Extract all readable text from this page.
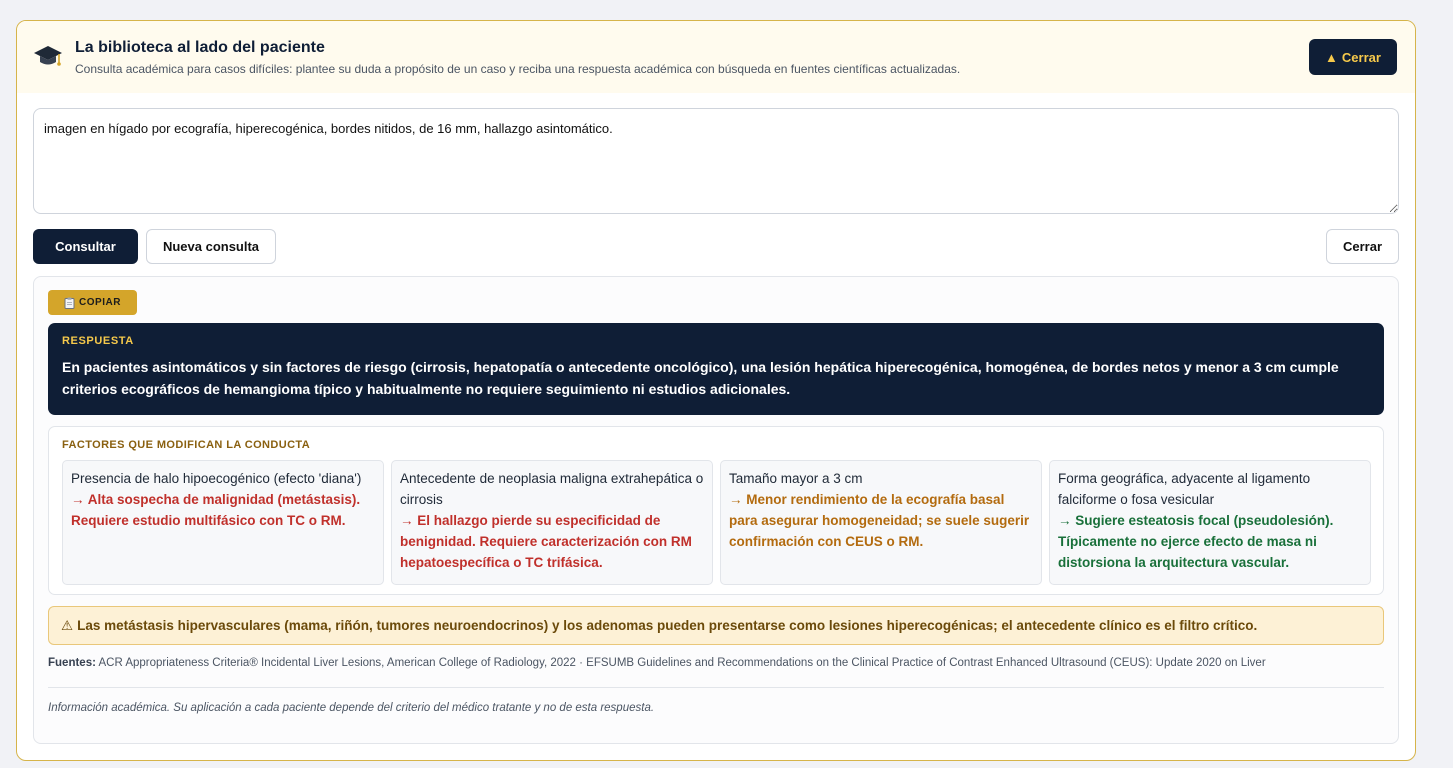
La biblioteca al lado del paciente
Consulta académica para casos difíciles: plantee su duda a propósito de un caso y reciba una respuesta académica con búsqueda en fuentes científicas actualizadas.
▲ Cerrar
imagen en hígado por ecografía, hiperecogénica, bordes nitidos, de 16 mm, hallazgo asintomático.
Consultar	Nueva consulta	Cerrar
COPIAR
RESPUESTA
En pacientes asintomáticos y sin factores de riesgo (cirrosis, hepatopatía o antecedente oncológico), una lesión hepática hiperecogénica, homogénea, de bordes netos y menor a 3 cm cumple criterios ecográficos de hemangioma típico y habitualmente no requiere seguimiento ni estudios adicionales.
FACTORES QUE MODIFICAN LA CONDUCTA
Presencia de halo hipoecogénico (efecto 'diana')
→ Alta sospecha de malignidad (metástasis). Requiere estudio multifásico con TC o RM.
Antecedente de neoplasia maligna extrahepática o cirrosis
→ El hallazgo pierde su especificidad de benignidad. Requiere caracterización con RM hepatoespecífica o TC trifásica.
Tamaño mayor a 3 cm
→ Menor rendimiento de la ecografía basal para asegurar homogeneidad; se suele sugerir confirmación con CEUS o RM.
Forma geográfica, adyacente al ligamento falciforme o fosa vesicular
→ Sugiere esteatosis focal (pseudolesión). Típicamente no ejerce efecto de masa ni distorsiona la arquitectura vascular.
⚠ Las metástasis hipervasculares (mama, riñón, tumores neuroendocrinos) y los adenomas pueden presentarse como lesiones hiperecogénicas; el antecedente clínico es el filtro crítico.
Fuentes: ACR Appropriateness Criteria® Incidental Liver Lesions, American College of Radiology, 2022 · EFSUMB Guidelines and Recommendations on the Clinical Practice of Contrast Enhanced Ultrasound (CEUS): Update 2020 on Liver
Información académica. Su aplicación a cada paciente depende del criterio del médico tratante y no de esta respuesta.
